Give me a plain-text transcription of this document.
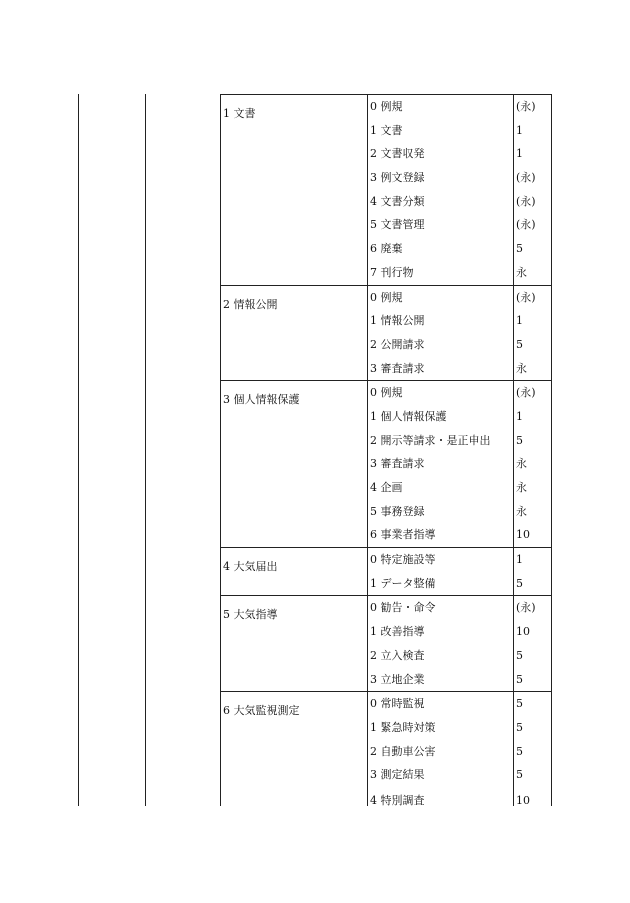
1 文書
0 例規	(永)
1 文書	1
2 文書収発	1
3 例文登録	(永)
4 文書分類	(永)
5 文書管理	(永)
6 廃棄	5
7 刊行物	永
2 情報公開
0 例規	(永)
1 情報公開	1
2 公開請求	5
3 審査請求	永
3 個人情報保護
0 例規	(永)
1 個人情報保護	1
2 開示等請求・是正申出 5
3 審査請求	永
4 企画	永
5 事務登録	永
6 事業者指導	10
4 大気届出
0 特定施設等	1
1 データ整備	5
5 大気指導
0 勧告・命令	(永)
1 改善指導	10
2 立入検査	5
3 立地企業	5
6 大気監視測定
0 常時監視	5
1 緊急時対策	5
2 自動車公害	5
3 測定結果	5
4 特別調査	10
